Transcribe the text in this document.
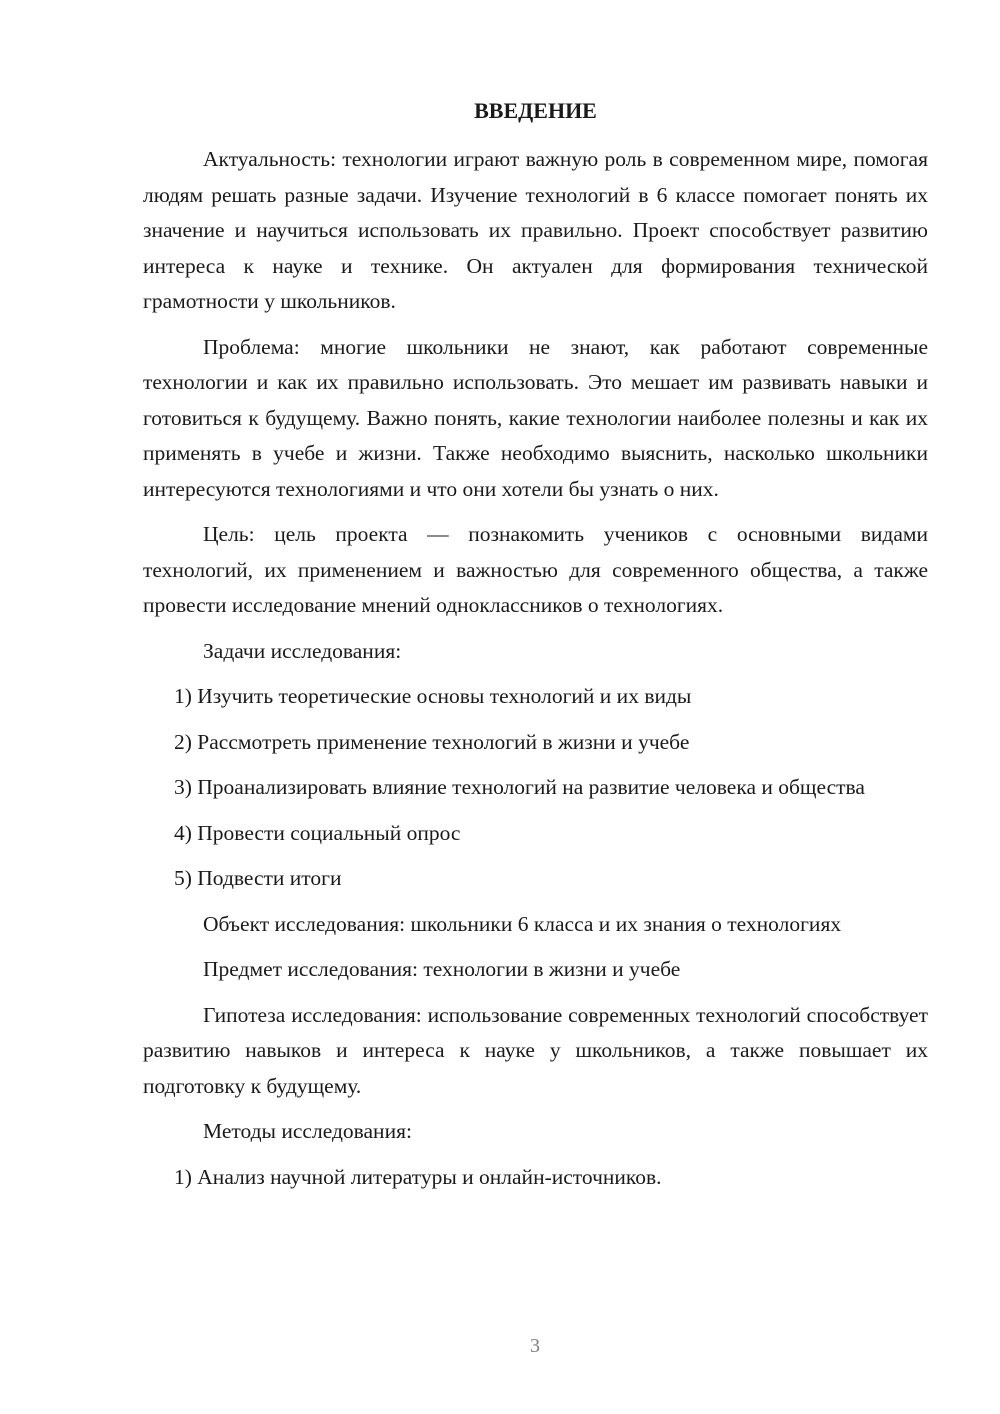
ВВЕДЕНИЕ

Актуальность: технологии играют важную роль в современном мире, помогая людям решать разные задачи. Изучение технологий в 6 классе помогает понять их значение и научиться использовать их правильно. Проект способствует развитию интереса к науке и технике. Он актуален для формирования технической грамотности у школьников.

Проблема: многие школьники не знают, как работают современные технологии и как их правильно использовать. Это мешает им развивать навыки и готовиться к будущему. Важно понять, какие технологии наиболее полезны и как их применять в учебе и жизни. Также необходимо выяснить, насколько школьники интересуются технологиями и что они хотели бы узнать о них.

Цель: цель проекта — познакомить учеников с основными видами технологий, их применением и важностью для современного общества, а также провести исследование мнений одноклассников о технологиях.

Задачи исследования:

1) Изучить теоретические основы технологий и их виды

2) Рассмотреть применение технологий в жизни и учебе

3) Проанализировать влияние технологий на развитие человека и общества

4) Провести социальный опрос

5) Подвести итоги

Объект исследования: школьники 6 класса и их знания о технологиях

Предмет исследования: технологии в жизни и учебе

Гипотеза исследования: использование современных технологий способствует развитию навыков и интереса к науке у школьников, а также повышает их подготовку к будущему.

Методы исследования:

1) Анализ научной литературы и онлайн-источников.

3
